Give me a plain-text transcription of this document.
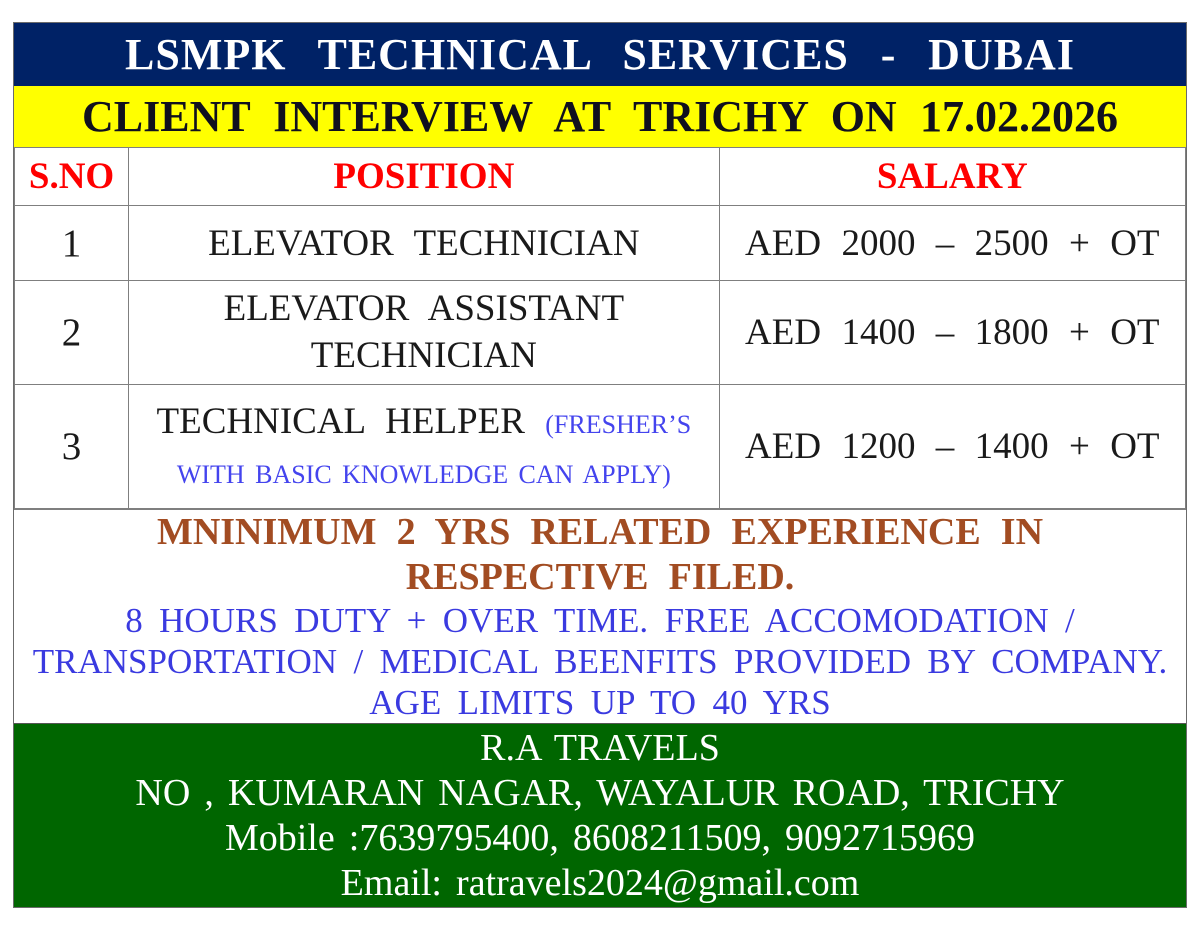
LSMPK TECHNICAL SERVICES - DUBAI
CLIENT INTERVIEW AT TRICHY ON 17.02.2026
S.NO	POSITION	SALARY
1	ELEVATOR TECHNICIAN	AED 2000 – 2500 + OT
2	ELEVATOR ASSISTANT TECHNICIAN	AED 1400 – 1800 + OT
3	TECHNICAL HELPER (FRESHER’S WITH BASIC KNOWLEDGE CAN APPLY)	AED 1200 – 1400 + OT
MNINIMUM 2 YRS RELATED EXPERIENCE IN
RESPECTIVE FILED.
8 HOURS DUTY + OVER TIME. FREE ACCOMODATION /
TRANSPORTATION / MEDICAL BEENFITS PROVIDED BY COMPANY.
AGE LIMITS UP TO 40 YRS
R.A TRAVELS
NO , KUMARAN NAGAR, WAYALUR ROAD, TRICHY
Mobile :7639795400, 8608211509, 9092715969
Email: ratravels2024@gmail.com
